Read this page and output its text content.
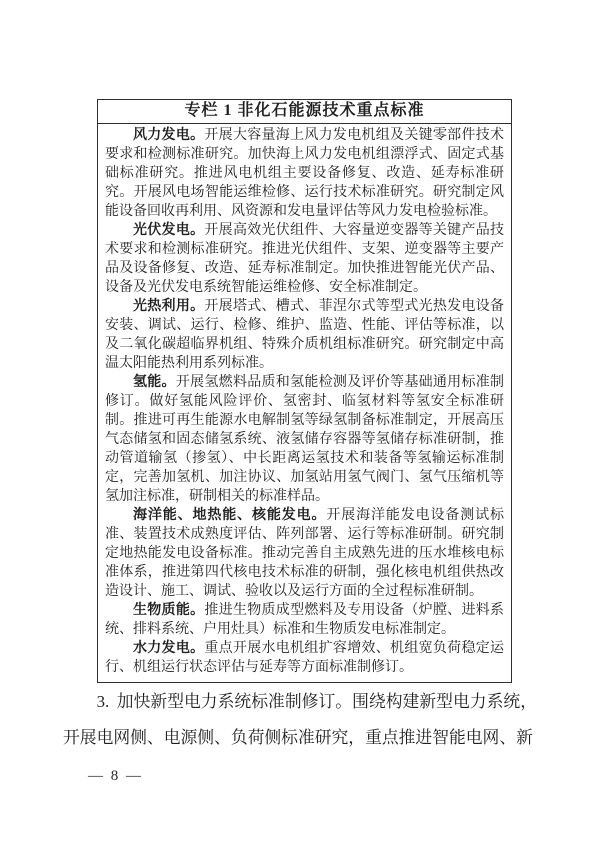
专栏 1 非化石能源技术重点标准

风力发电。开展大容量海上风力发电机组及关键零部件技术要求和检测标准研究。加快海上风力发电机组漂浮式、固定式基础标准研究。推进风电机组主要设备修复、改造、延寿标准研究。开展风电场智能运维检修、运行技术标准研究。研究制定风能设备回收再利用、风资源和发电量评估等风力发电检验标准。

光伏发电。开展高效光伏组件、大容量逆变器等关键产品技术要求和检测标准研究。推进光伏组件、支架、逆变器等主要产品及设备修复、改造、延寿标准制定。加快推进智能光伏产品、设备及光伏发电系统智能运维检修、安全标准制定。

光热利用。开展塔式、槽式、菲涅尔式等型式光热发电设备安装、调试、运行、检修、维护、监造、性能、评估等标准，以及二氧化碳超临界机组、特殊介质机组标准研究。研究制定中高温太阳能热利用系列标准。

氢能。开展氢燃料品质和氢能检测及评价等基础通用标准制修订。做好氢能风险评价、氢密封、临氢材料等氢安全标准研制。推进可再生能源水电解制氢等绿氢制备标准制定，开展高压气态储氢和固态储氢系统、液氢储存容器等氢储存标准研制，推动管道输氢（掺氢）、中长距离运氢技术和装备等氢输运标准制定，完善加氢机、加注协议、加氢站用氢气阀门、氢气压缩机等氢加注标准，研制相关的标准样品。

海洋能、地热能、核能发电。开展海洋能发电设备测试标准、装置技术成熟度评估、阵列部署、运行等标准研制。研究制定地热能发电设备标准。推动完善自主成熟先进的压水堆核电标准体系，推进第四代核电技术标准的研制，强化核电机组供热改造设计、施工、调试、验收以及运行方面的全过程标准研制。

生物质能。推进生物质成型燃料及专用设备（炉膛、进料系统、排料系统、户用灶具）标准和生物质发电标准制定。

水力发电。重点开展水电机组扩容增效、机组宽负荷稳定运行、机组运行状态评估与延寿等方面标准制修订。

3. 加快新型电力系统标准制修订。围绕构建新型电力系统，开展电网侧、电源侧、负荷侧标准研究，重点推进智能电网、新

— 8 —
